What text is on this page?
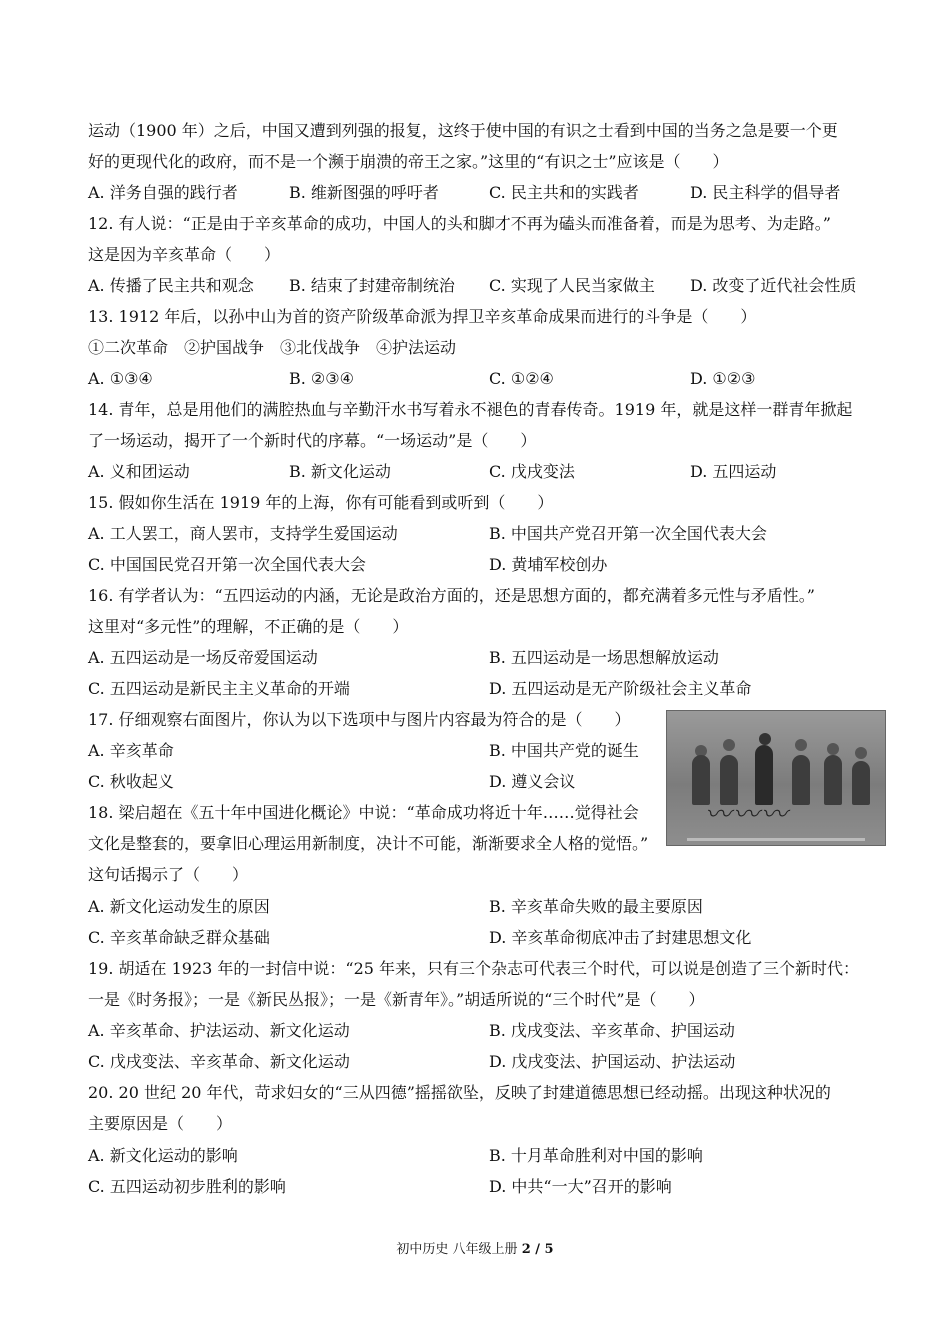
运动（1900 年）之后，中国又遭到列强的报复，这终于使中国的有识之士看到中国的当务之急是要一个更
好的更现代化的政府，而不是一个濒于崩溃的帝王之家。”这里的“有识之士”应该是（　　）
A. 洋务自强的践行者	B. 维新图强的呼吁者	C. 民主共和的实践者	D. 民主科学的倡导者
12. 有人说：“正是由于辛亥革命的成功，中国人的头和脚才不再为磕头而准备着，而是为思考、为走路。”
这是因为辛亥革命（　　）
A. 传播了民主共和观念 B. 结束了封建帝制统治 C. 实现了人民当家做主 D. 改变了近代社会性质
13. 1912 年后，以孙中山为首的资产阶级革命派为捍卫辛亥革命成果而进行的斗争是（　　）
①二次革命　②护国战争　③北伐战争　④护法运动
A. ①③④	B. ②③④	C. ①②④	D. ①②③
14. 青年，总是用他们的满腔热血与辛勤汗水书写着永不褪色的青春传奇。1919 年，就是这样一群青年掀起
了一场运动，揭开了一个新时代的序幕。“一场运动”是（　　）
A. 义和团运动	B. 新文化运动	C. 戊戌变法	D. 五四运动
15. 假如你生活在 1919 年的上海，你有可能看到或听到（　　）
A. 工人罢工，商人罢市，支持学生爱国运动	B. 中国共产党召开第一次全国代表大会
C. 中国国民党召开第一次全国代表大会	D. 黄埔军校创办
16. 有学者认为：“五四运动的内涵，无论是政治方面的，还是思想方面的，都充满着多元性与矛盾性。”
这里对“多元性”的理解，不正确的是（　　）
A. 五四运动是一场反帝爱国运动	B. 五四运动是一场思想解放运动
C. 五四运动是新民主主义革命的开端	D. 五四运动是无产阶级社会主义革命
17. 仔细观察右面图片，你认为以下选项中与图片内容最为符合的是（　　）
A. 辛亥革命	B. 中国共产党的诞生
C. 秋收起义	D. 遵义会议
〰〰〰
18. 梁启超在《五十年中国进化概论》中说：“革命成功将近十年……觉得社会
文化是整套的，要拿旧心理运用新制度，决计不可能，渐渐要求全人格的觉悟。”
这句话揭示了（　　）
A. 新文化运动发生的原因	B. 辛亥革命失败的最主要原因
C. 辛亥革命缺乏群众基础	D. 辛亥革命彻底冲击了封建思想文化
19. 胡适在 1923 年的一封信中说：“25 年来，只有三个杂志可代表三个时代，可以说是创造了三个新时代：
一是《时务报》；一是《新民丛报》；一是《新青年》。”胡适所说的“三个时代”是（　　）
A. 辛亥革命、护法运动、新文化运动	B. 戊戌变法、辛亥革命、护国运动
C. 戊戌变法、辛亥革命、新文化运动	D. 戊戌变法、护国运动、护法运动
20. 20 世纪 20 年代，苛求妇女的“三从四德”摇摇欲坠，反映了封建道德思想已经动摇。出现这种状况的
主要原因是（　　）
A. 新文化运动的影响	B. 十月革命胜利对中国的影响
C. 五四运动初步胜利的影响	D. 中共“一大”召开的影响
初中历史 八年级上册 2 / 5
